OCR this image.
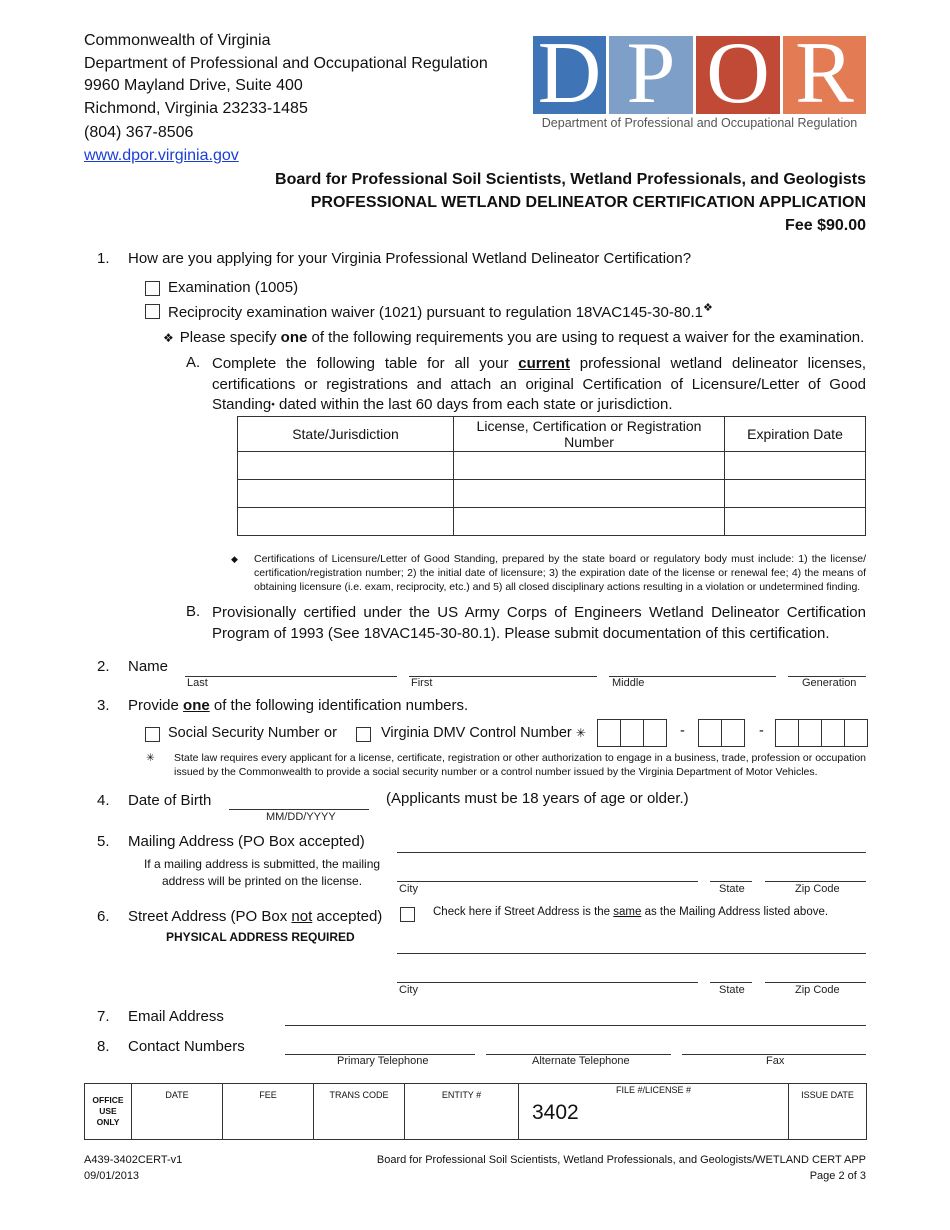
Commonwealth of Virginia
Department of Professional and Occupational Regulation
9960 Mayland Drive, Suite 400
Richmond, Virginia 23233-1485
(804) 367-8506
www.dpor.virginia.gov
D P O R
Department of Professional and Occupational Regulation
Board for Professional Soil Scientists, Wetland Professionals, and Geologists
PROFESSIONAL WETLAND DELINEATOR CERTIFICATION APPLICATION
Fee $90.00
1. How are you applying for your Virginia Professional Wetland Delineator Certification?
Examination (1005)
Reciprocity examination waiver (1021) pursuant to regulation 18VAC145-30-80.1❖
❖ Please specify one of the following requirements you are using to request a waiver for the examination.
A. Complete the following table for all your current professional wetland delineator licenses, certifications or registrations and attach an original Certification of Licensure/Letter of Good Standing⬩ dated within the last 60 days from each state or jurisdiction.
State/Jurisdiction	License, Certification or Registration Number	Expiration Date

◆ Certifications of Licensure/Letter of Good Standing, prepared by the state board or regulatory body must include: 1) the license/ certification/registration number; 2) the initial date of licensure; 3) the expiration date of the license or renewal fee; 4) the means of obtaining licensure (i.e. exam, reciprocity, etc.) and 5) all closed disciplinary actions resulting in a violation or undetermined finding.
B. Provisionally certified under the US Army Corps of Engineers Wetland Delineator Certification Program of 1993 (See 18VAC145-30-80.1). Please submit documentation of this certification.
2. Name
Last	First	Middle	Generation
3. Provide one of the following identification numbers.
Social Security Number or	Virginia DMV Control Number ✳	-	-
✳ State law requires every applicant for a license, certificate, registration or other authorization to engage in a business, trade, profession or occupation issued by the Commonwealth to provide a social security number or a control number issued by the Virginia Department of Motor Vehicles.
4. Date of Birth
MM/DD/YYYY
(Applicants must be 18 years of age or older.)
5. Mailing Address (PO Box accepted)
If a mailing address is submitted, the mailing
address will be printed on the license.
City	State	Zip Code
6. Street Address (PO Box not accepted)
PHYSICAL ADDRESS REQUIRED
Check here if Street Address is the same as the Mailing Address listed above.
City	State	Zip Code
7. Email Address
8. Contact Numbers
Primary Telephone	Alternate Telephone	Fax
OFFICE
USE
ONLY
	DATE	FEE	TRANS CODE	ENTITY #	FILE #/LICENSE #
3402
	ISSUE DATE
A439-3402CERT-v1
09/01/2013
Board for Professional Soil Scientists, Wetland Professionals, and Geologists/WETLAND CERT APP
Page 2 of 3
